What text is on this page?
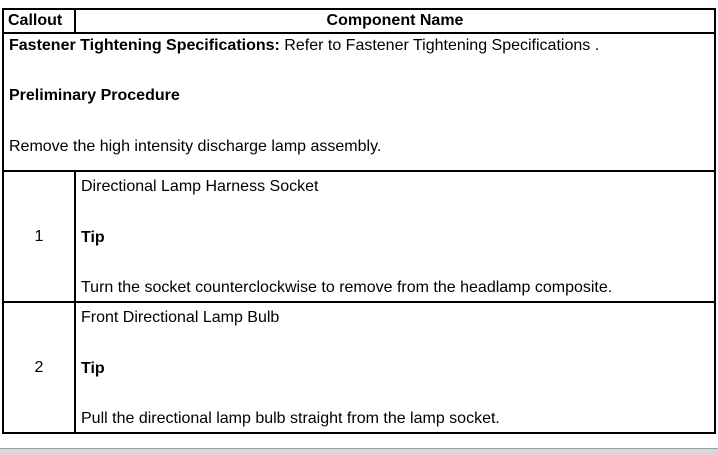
Callout	Component Name

Fastener Tightening Specifications: Refer to Fastener Tightening Specifications .
Preliminary Procedure
Remove the high intensity discharge lamp assembly.	

1	Directional Lamp Harness Socket
Tip
Turn the socket counterclockwise to remove from the headlamp composite.

2	Front Directional Lamp Bulb
Tip
Pull the directional lamp bulb straight from the lamp socket.
